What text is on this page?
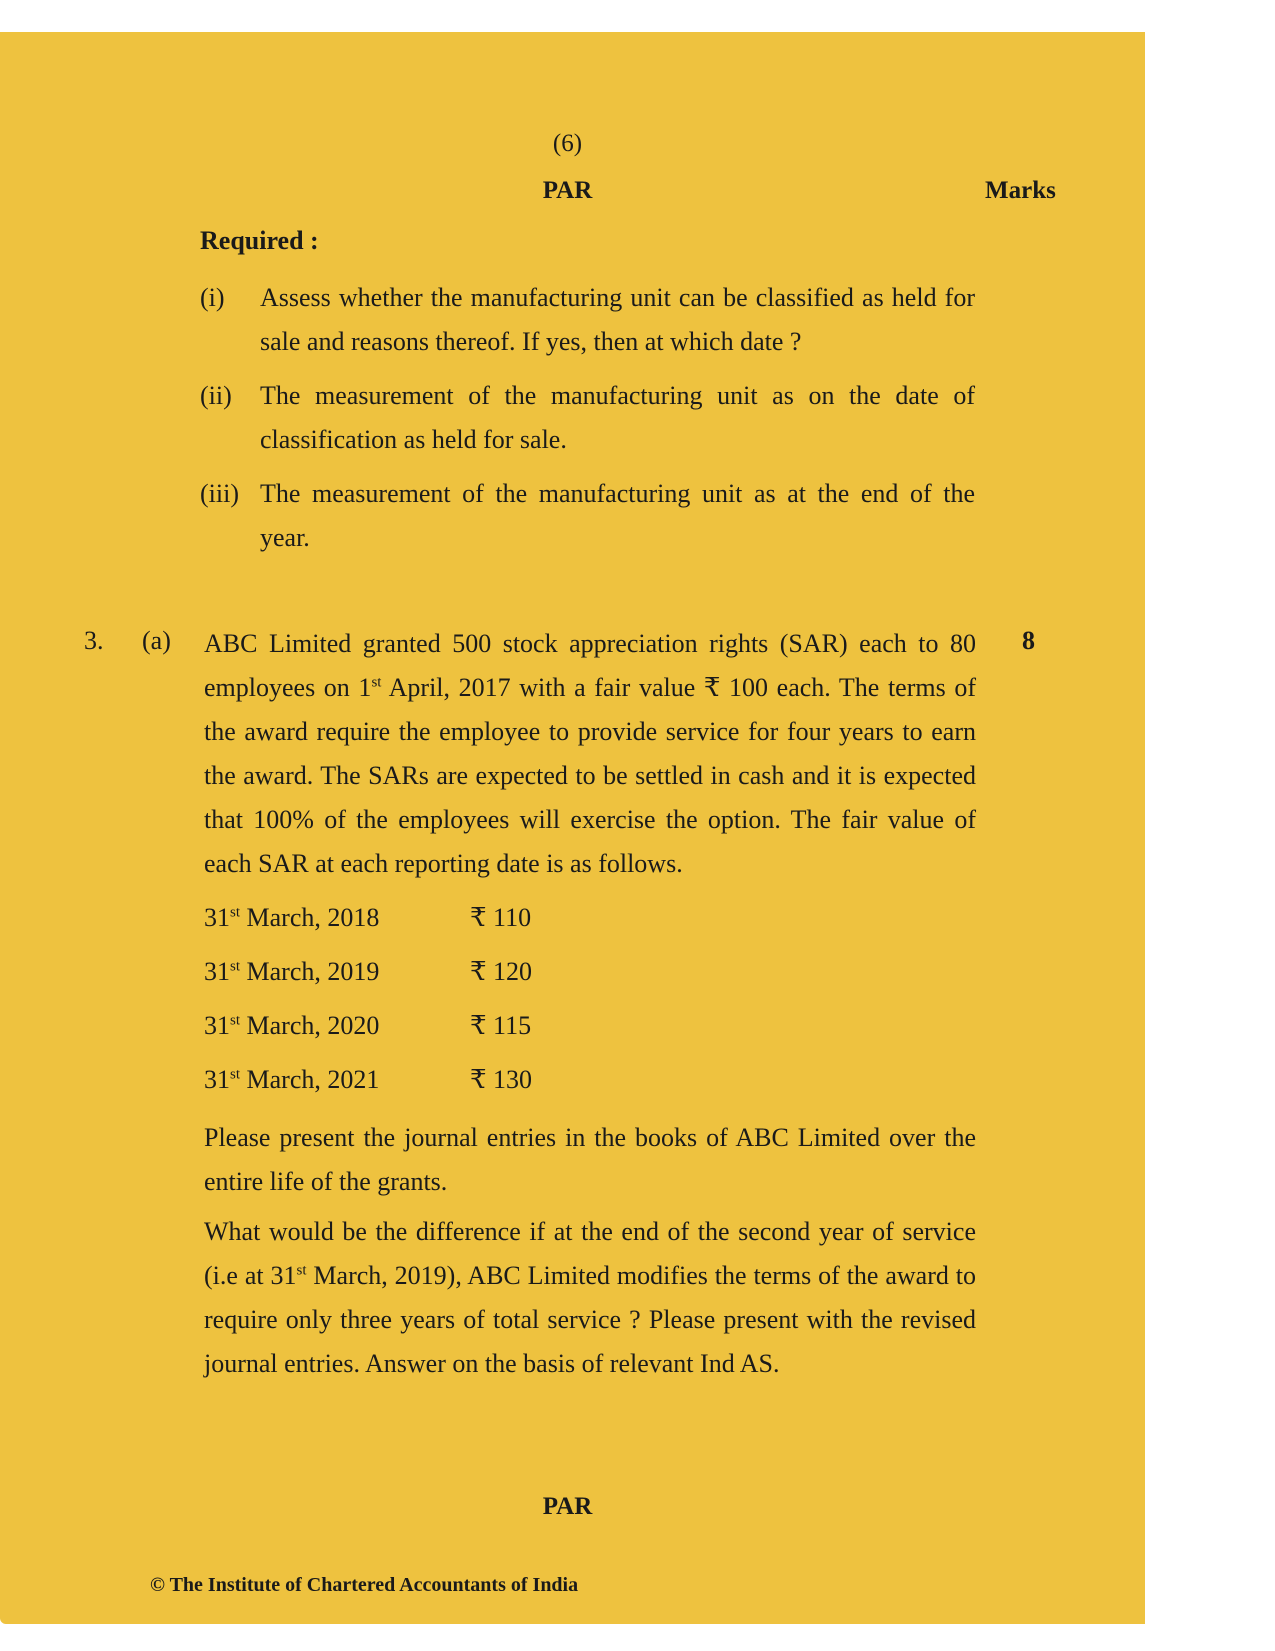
(6)
PAR	Marks
Required :
(i) Assess whether the manufacturing unit can be classified as held for sale and reasons thereof. If yes, then at which date ?
(ii) The measurement of the manufacturing unit as on the date of classification as held for sale.
(iii) The measurement of the manufacturing unit as at the end of the year.
3. (a)	8
ABC Limited granted 500 stock appreciation rights (SAR) each to 80 employees on 1st April, 2017 with a fair value ₹ 100 each. The terms of the award require the employee to provide service for four years to earn the award. The SARs are expected to be settled in cash and it is expected that 100% of the employees will exercise the option. The fair value of each SAR at each reporting date is as follows.
31st March, 2018	₹ 110
31st March, 2019	₹ 120
31st March, 2020	₹ 115
31st March, 2021	₹ 130
Please present the journal entries in the books of ABC Limited over the entire life of the grants.
What would be the difference if at the end of the second year of service (i.e at 31st March, 2019), ABC Limited modifies the terms of the award to require only three years of total service ? Please present with the revised journal entries. Answer on the basis of relevant Ind AS.
PAR
© The Institute of Chartered Accountants of India
